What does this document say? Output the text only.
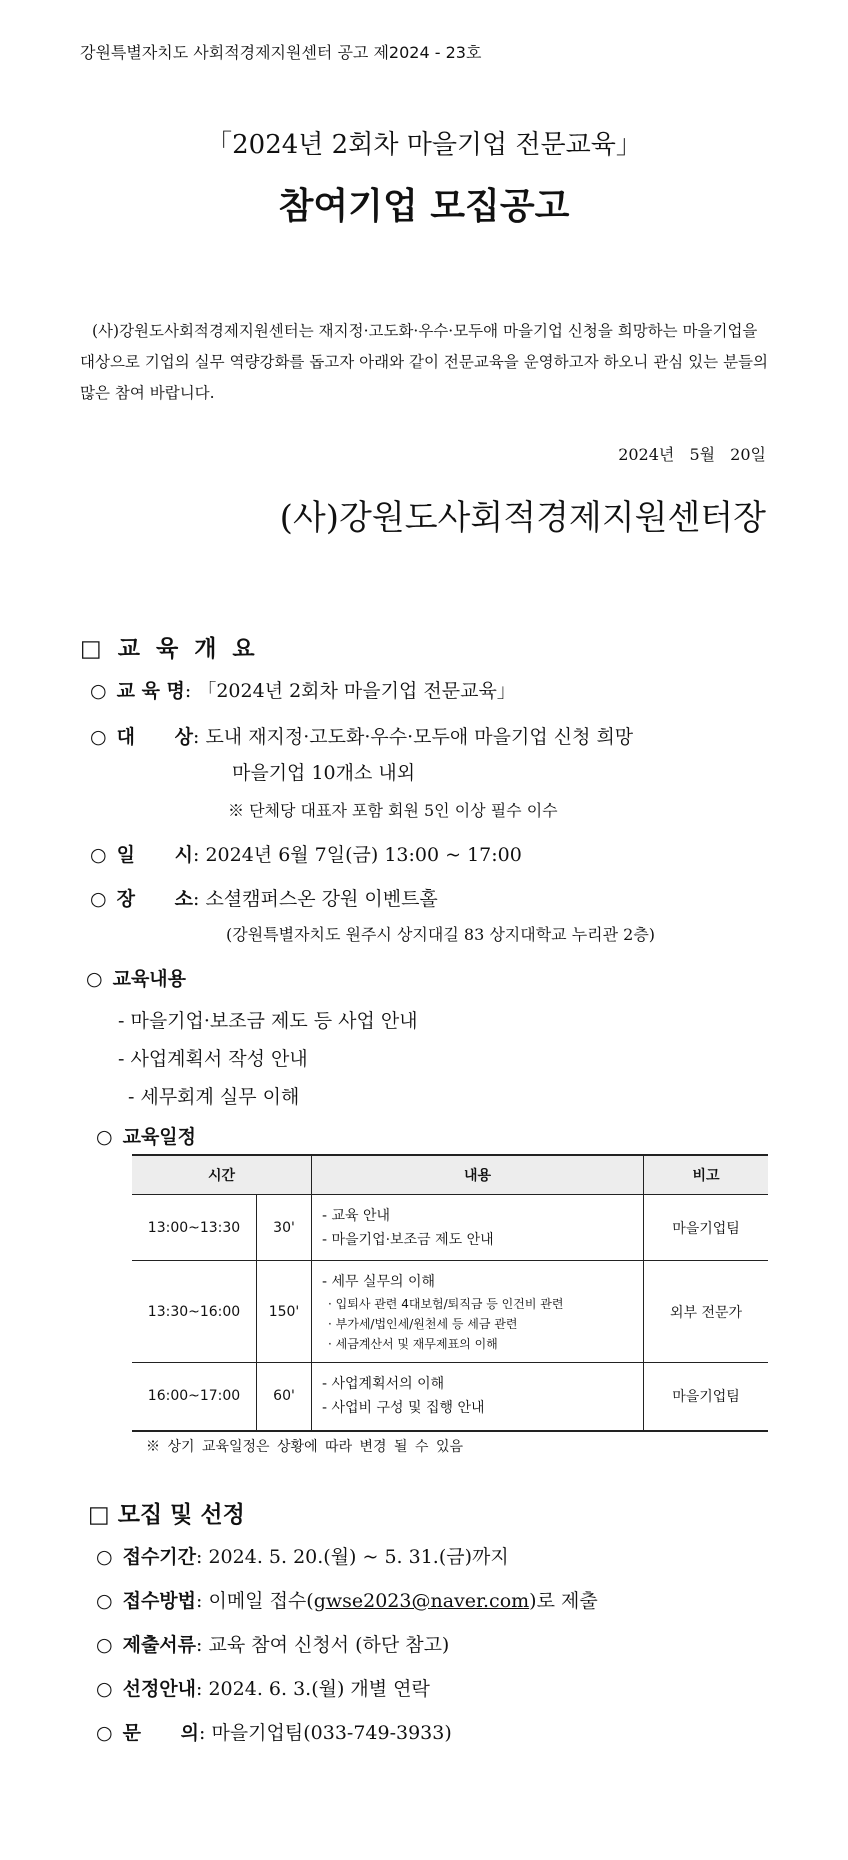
강원특별자치도 사회적경제지원센터 공고 제2024 - 23호
「2024년 2회차 마을기업 전문교육」
참여기업 모집공고

(사)강원도사회적경제지원센터는 재지정·고도화·우수·모두애 마을기업 신청을 희망하는 마을기업을 대상으로 기업의 실무 역량강화를 돕고자 아래와 같이 전문교육을 운영하고자 하오니 관심 있는 분들의 많은 참여 바랍니다.

2024년 5월 20일
(사)강원도사회적경제지원센터장
□ 교 육 개 요
○ 교 육 명: 「2024년 2회차 마을기업 전문교육」
○ 대      상: 도내 재지정·고도화·우수·모두애 마을기업 신청 희망
마을기업 10개소 내외
※ 단체당 대표자 포함 회원 5인 이상 필수 이수
○ 일      시: 2024년 6월 7일(금) 13:00 ~ 17:00
○ 장      소: 소셜캠퍼스온 강원 이벤트홀
(강원특별자치도 원주시 상지대길 83 상지대학교 누리관 2층)
○ 교육내용
- 마을기업·보조금 제도 등 사업 안내
- 사업계획서 작성 안내
- 세무회계 실무 이해
○ 교육일정
시간		내용	비고
13:00~13:30	30'	- 교육 안내
- 마을기업·보조금 제도 안내	마을기업팀
13:30~16:00	150'	- 세무 실무의 이해
· 입퇴사 관련 4대보험/퇴직금 등 인건비 관련
· 부가세/법인세/원천세 등 세금 관련
· 세금계산서 및 재무제표의 이해	외부 전문가
16:00~17:00	60'	- 사업계획서의 이해
- 사업비 구성 및 집행 안내	마을기업팀
※ 상기 교육일정은 상황에 따라 변경 될 수 있음
□ 모집 및 선정
○ 접수기간: 2024. 5. 20.(월) ~ 5. 31.(금)까지
○ 접수방법: 이메일 접수(gwse2023@naver.com)로 제출
○ 제출서류: 교육 참여 신청서 (하단 참고)
○ 선정안내: 2024. 6. 3.(월) 개별 연락
○ 문      의: 마을기업팀(033-749-3933)
